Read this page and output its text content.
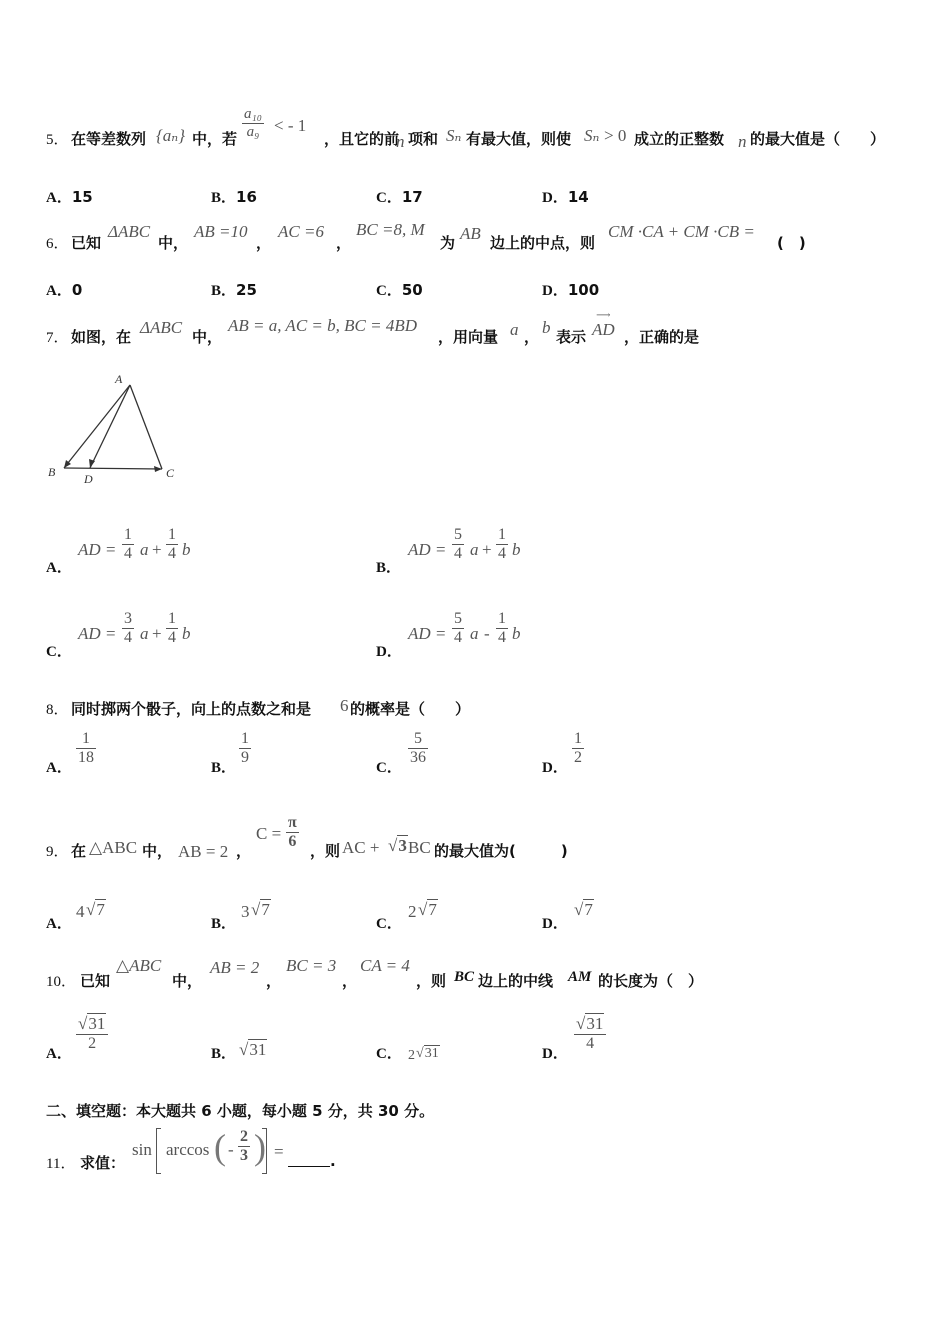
5． 在等差数列 {aₙ} 中，若 $\frac{\text{a₁₀}}{\text{a₉}}$ < - 1
，且它的前
n 项和 Sₙ 有最大值，则使 Sₙ > 0 成立的正整数 n 的最大值是（　　）
A．15	B．16	C．17	D．14
6． 已知
ΔABC
中，
AB =10
，
AC =6
，
BC =8, M
为 AB 边上的中点，则
CM ·CA + CM ·CB =
(　)
A．0	B．25	C．50	D．100
7． 如图，在 ΔABC 中，
AB = a, AC = b, BC = 4BD
，用向量 a ， b 表示
⟶
AD ，正确的是
A
B D	C
A．
AD = $\frac{1}{4}$ $a + \frac{1}{4}$ b
B．
AD = $\frac{5}{4}$ $a + \frac{1}{4}$ b
C．
AD = $\frac{3}{4}$ $a + \frac{1}{4}$ b
D．
AD = $\frac{5}{4}$ a - $\frac{1}{4}$ b
8． 同时掷两个骰子，向上的点数之和是 6 的概率是（　　）
A．
$\frac{1}{18}$
B．
$\frac{1}{9}$
C．
$\frac{5}{36}$
D．
$\frac{1}{2}$
9． 在 △ABC 中， AB = 2 ，
$C = \frac{\pi}{6}$ ，则 AC + √3 BC 的最大值为(　　　)
A．
4 √7
B．
3 √7
C．
2 √7
D．
√7
10． 已知
△ABC
中，
AB = 2
，
BC = 3
，
CA = 4
，则 BC 边上的中线 AM 的长度为（　）
A．
$\frac{√31}{2}$
B． √31	C． 2 √31	D．
$\frac{√31}{4}$
二、填空题：本大题共 6 小题，每小题 5 分，共 30 分。
11． 求值：
sin arccos ( - $\frac{2}{3}$ ) =	.
